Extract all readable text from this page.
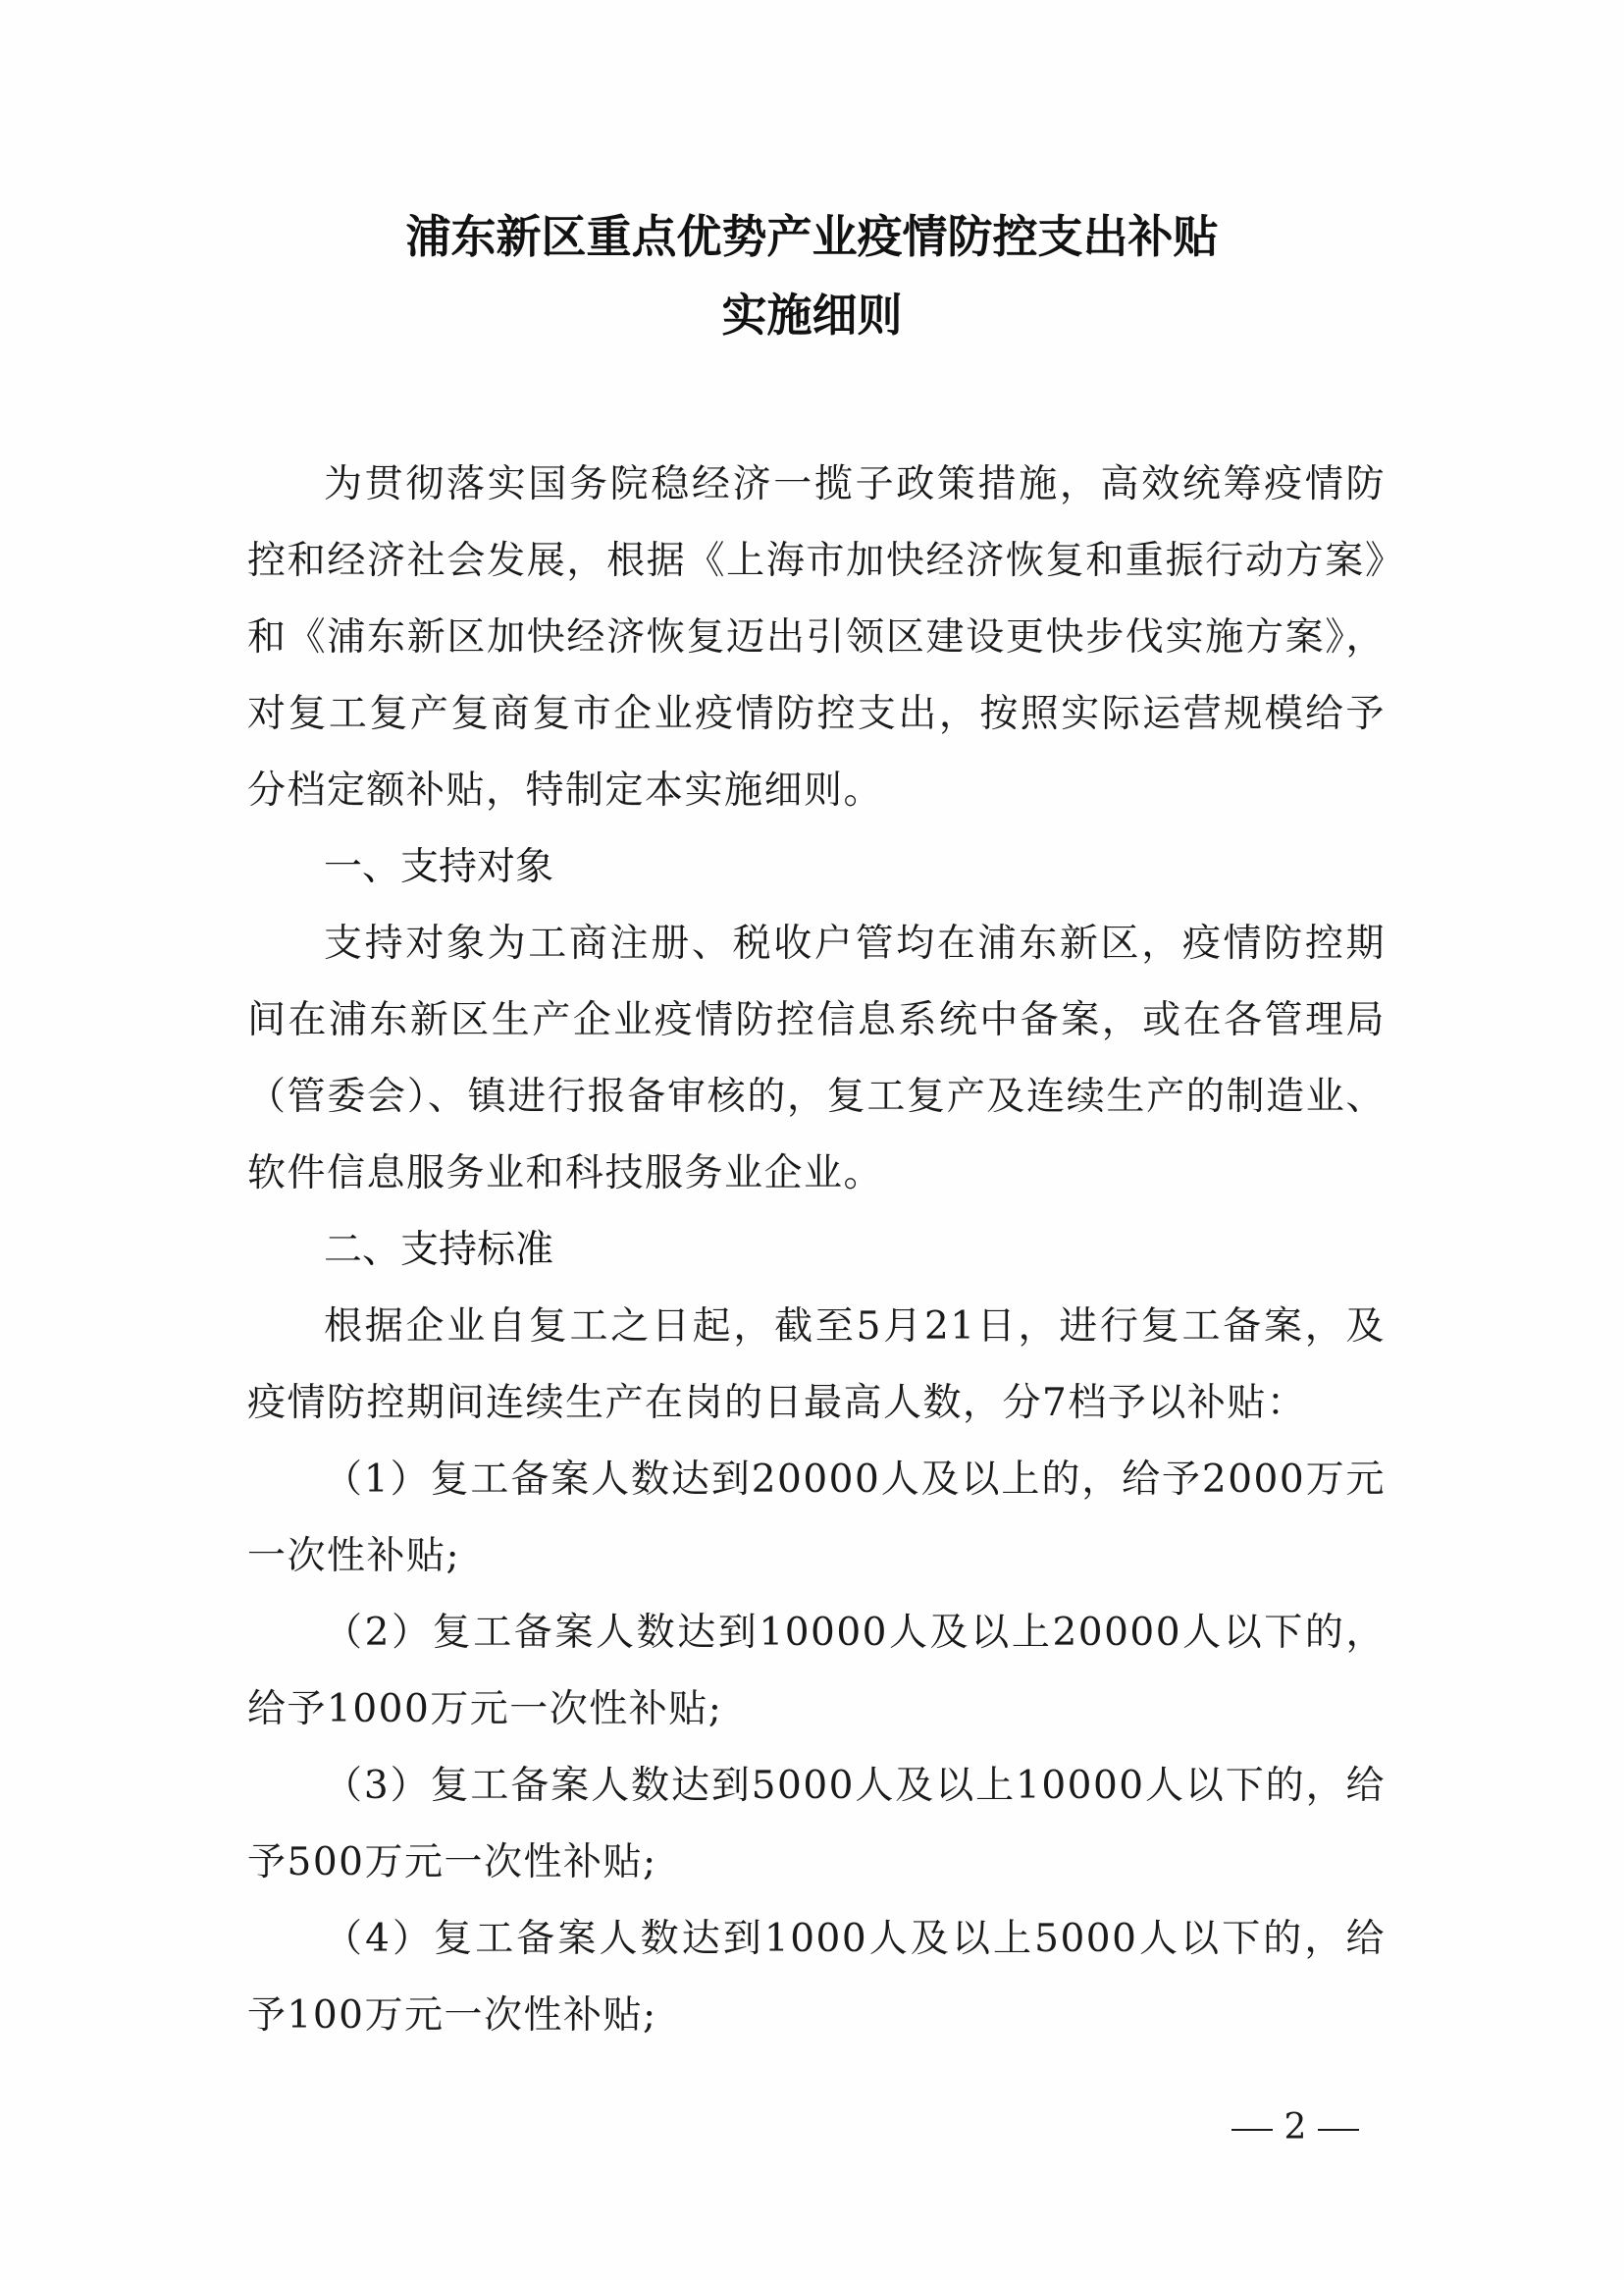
浦东新区重点优势产业疫情防控支出补贴
实施细则

为贯彻落实国务院稳经济一揽子政策措施，高效统筹疫情防控和经济社会发展，根据《上海市加快经济恢复和重振行动方案》和《浦东新区加快经济恢复迈出引领区建设更快步伐实施方案》，对复工复产复商复市企业疫情防控支出，按照实际运营规模给予分档定额补贴，特制定本实施细则。

一、支持对象

支持对象为工商注册、税收户管均在浦东新区，疫情防控期间在浦东新区生产企业疫情防控信息系统中备案，或在各管理局（管委会）、镇进行报备审核的，复工复产及连续生产的制造业、软件信息服务业和科技服务业企业。

二、支持标准

根据企业自复工之日起，截至5月21日，进行复工备案，及疫情防控期间连续生产在岗的日最高人数，分7档予以补贴：

（1）复工备案人数达到20000人及以上的，给予2000万元一次性补贴;

（2）复工备案人数达到10000人及以上20000人以下的，给予1000万元一次性补贴;

（3）复工备案人数达到5000人及以上10000人以下的，给予500万元一次性补贴;

（4）复工备案人数达到1000人及以上5000人以下的，给予100万元一次性补贴;

2
